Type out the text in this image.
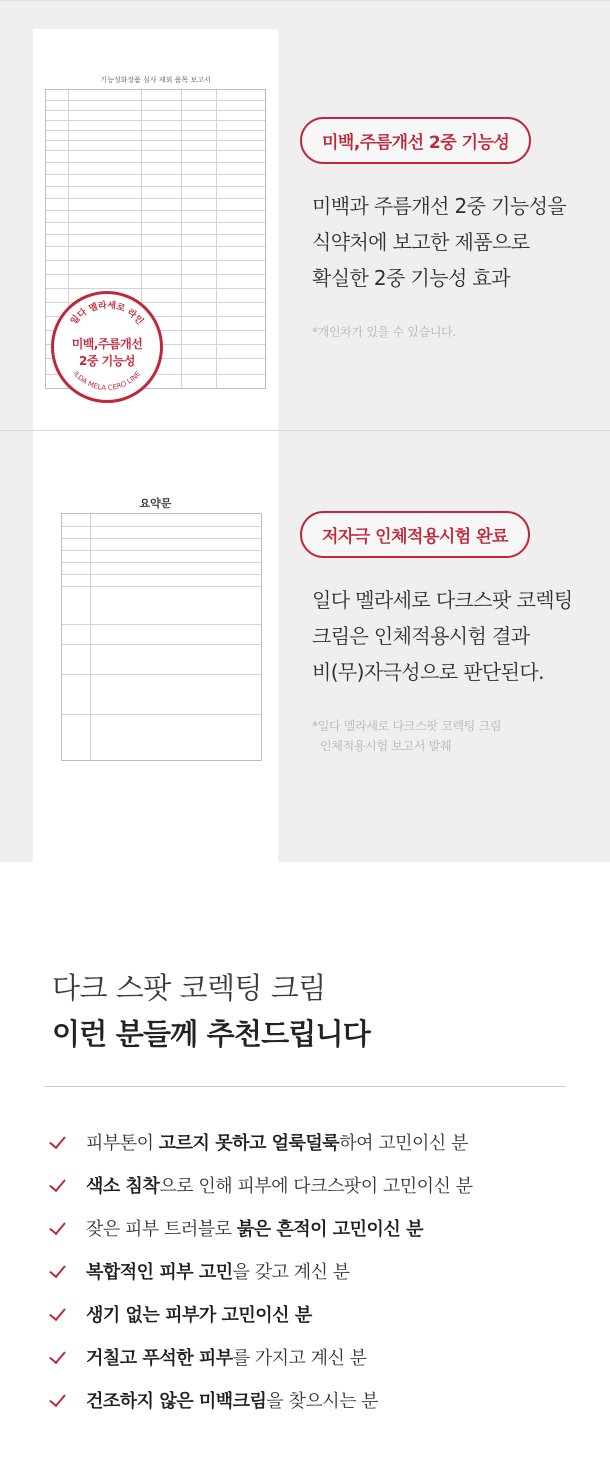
기능성화장품 심사 제외 품목 보고서
일다 멜라세로 라인
ILDA MELA CERO LINE
미백,주름개선
2중 기능성
미백,주름개선 2중 기능성
미백과 주름개선 2중 기능성을
식약처에 보고한 제품으로
확실한 2중 기능성 효과
*개인차가 있을 수 있습니다.
요약문
저자극 인체적용시험 완료
일다 멜라세로 다크스팟 코렉팅
크림은 인체적용시험 결과
비(무)자극성으로 판단된다.
*일다 멜라세로 다크스팟 코렉팅 크림
인체적용시험 보고서 발췌
다크 스팟 코렉팅 크림
이런 분들께 추천드립니다
피부톤이 고르지 못하고 얼룩덜룩하여 고민이신 분
색소 침착으로 인해 피부에 다크스팟이 고민이신 분
잦은 피부 트러블로 붉은 흔적이 고민이신 분
복합적인 피부 고민을 갖고 계신 분
생기 없는 피부가 고민이신 분
거칠고 푸석한 피부를 가지고 계신 분
건조하지 않은 미백크림을 찾으시는 분
